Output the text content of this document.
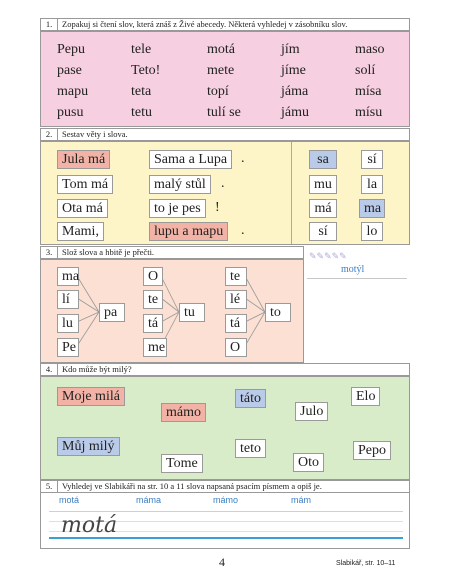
1. Zopakuj si čtení slov, která znáš z Živé abecedy. Některá vyhledej v zásobníku slov.
Pepu	tele	motá	jím	maso
pase	Teto!	mete	jíme	solí
mapu	teta	topí	jáma	mísa
pusu	tetu	tulí se	jámu	mísu
2. Sestav věty i slova.
Jula má	Sama a Lupa .	sa	sí
Tom má	malý stůl	.	mu	la
Ota má	to je pes	!	má	ma
Mami,	lupu a mapu	.	sí	lo
3. Slož slova a hbitě je přečti.	✎✎✎✎✎
motýl
ma
lí
lu
Pe
pa
O
te
tá
me
tu
te
lé
tá
O
to
4. Kdo může být milý?
Moje milá
mámo
táto
Julo
Elo
Můj milý	teto	Pepo
Tome	Oto
5. Vyhledej ve Slabikáři na str. 10 a 11 slova napsaná psacím písmem a opiš je.
motá	máma	mámo	mám
motá
4	Slabikář, str. 10–11
